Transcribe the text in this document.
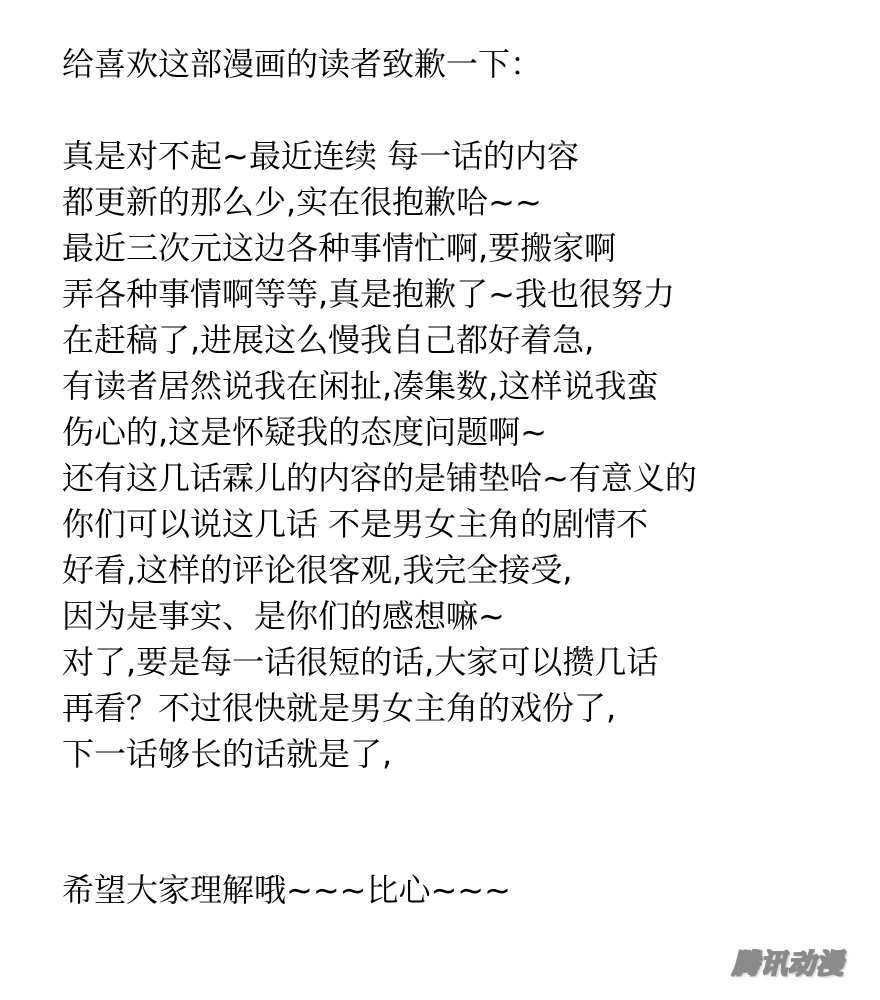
给喜欢这部漫画的读者致歉一下：
真是对不起~最近连续 每一话的内容
都更新的那么少,实在很抱歉哈~~
最近三次元这边各种事情忙啊,要搬家啊
弄各种事情啊等等,真是抱歉了~我也很努力
在赶稿了,进展这么慢我自己都好着急,
有读者居然说我在闲扯,凑集数,这样说我蛮
伤心的,这是怀疑我的态度问题啊~
还有这几话霖儿的内容的是铺垫哈~有意义的
你们可以说这几话 不是男女主角的剧情不
好看,这样的评论很客观,我完全接受,
因为是事实、是你们的感想嘛~
对了,要是每一话很短的话,大家可以攒几话
再看？不过很快就是男女主角的戏份了,
下一话够长的话就是了,
希望大家理解哦~~~比心~~~
腾讯动漫
